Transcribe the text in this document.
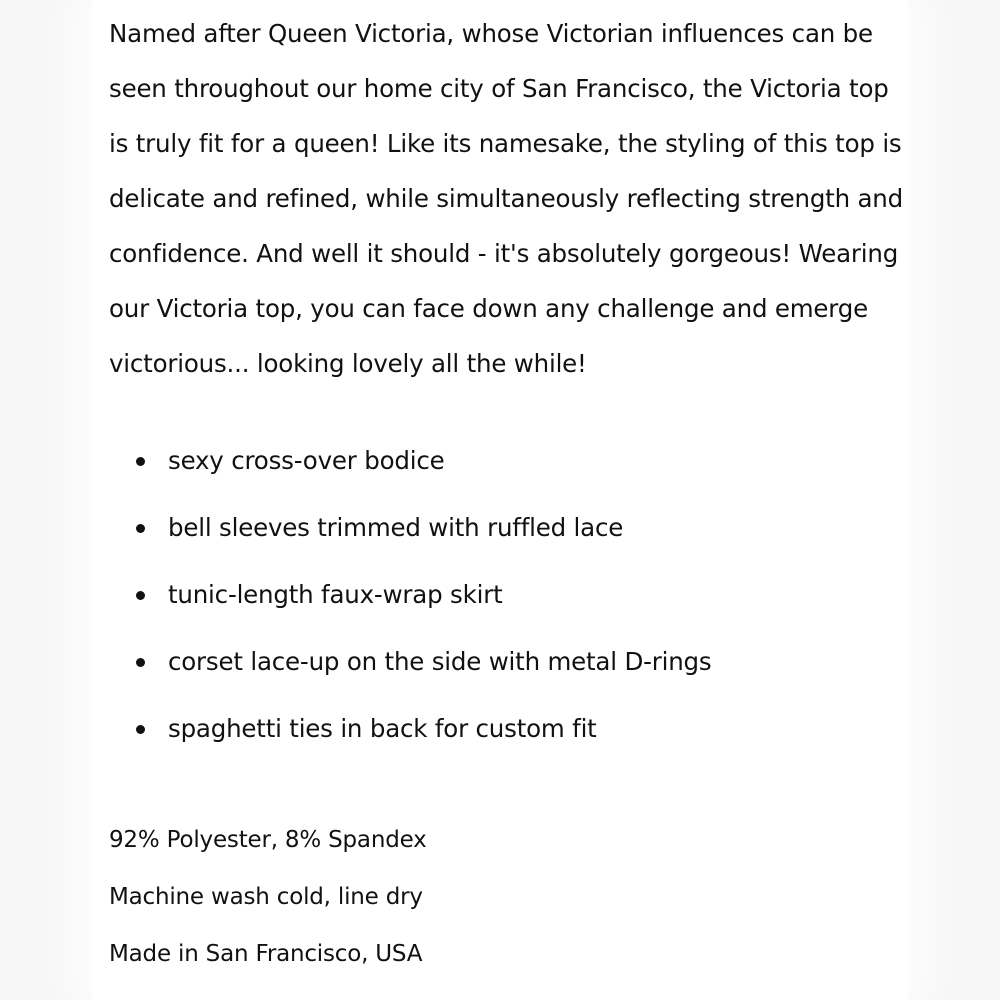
Named after Queen Victoria, whose Victorian influences can be seen throughout our home city of San Francisco, the Victoria top is truly fit for a queen! Like its namesake, the styling of this top is delicate and refined, while simultaneously reflecting strength and confidence. And well it should - it's absolutely gorgeous! Wearing our Victoria top, you can face down any challenge and emerge victorious... looking lovely all the while!

sexy cross-over bodice
bell sleeves trimmed with ruffled lace
tunic-length faux-wrap skirt
corset lace-up on the side with metal D-rings
spaghetti ties in back for custom fit
92% Polyester, 8% Spandex
Machine wash cold, line dry
Made in San Francisco, USA
